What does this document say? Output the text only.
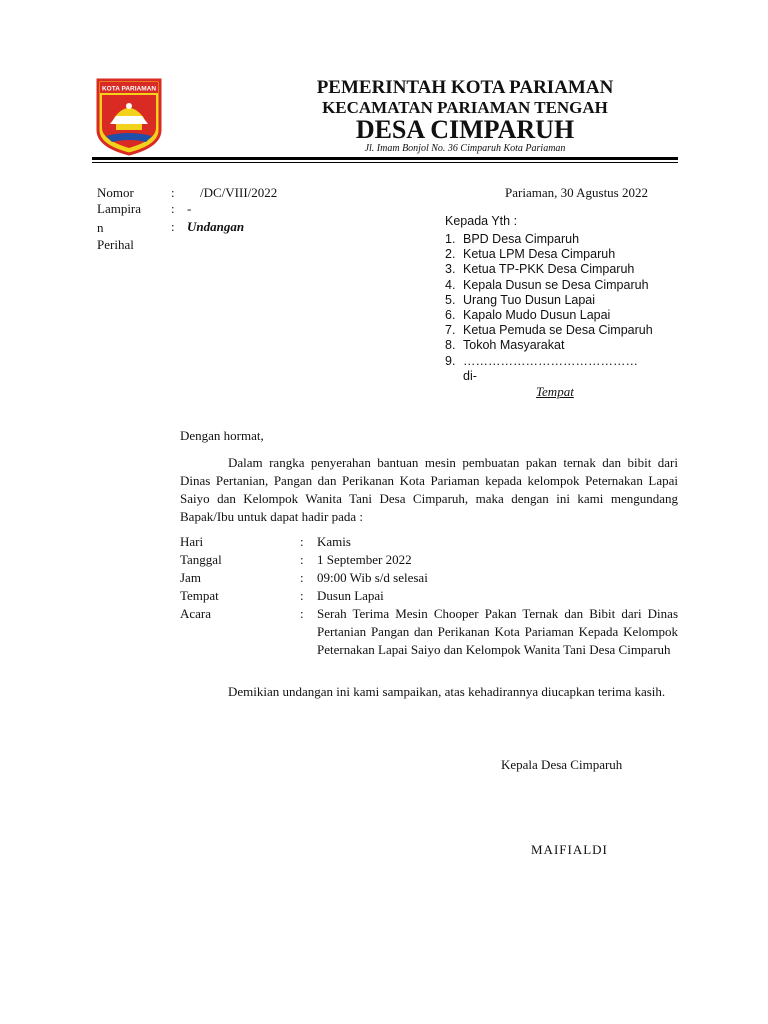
KOTA PARIAMAN	PEMERINTAH KOTA PARIAMAN
KECAMATAN PARIAMAN TENGAH
DESA CIMPARUH
Jl. Imam Bonjol No. 36 Cimparuh Kota Pariaman
Nomor	: /DC/VIII/2022
Lampira : -
n	: Undangan
Perihal
Pariaman, 30 Agustus 2022
Kepada Yth :
1. BPD Desa Cimparuh
2. Ketua LPM Desa Cimparuh
3. Ketua TP-PKK Desa Cimparuh
4. Kepala Dusun se Desa Cimparuh
5. Urang Tuo Dusun Lapai
6. Kapalo Mudo Dusun Lapai
7. Ketua Pemuda se Desa Cimparuh
8. Tokoh Masyarakat
9. ……………………………………
di-
Tempat
Dengan hormat,
Dalam rangka penyerahan bantuan mesin pembuatan pakan ternak dan bibit dari Dinas Pertanian, Pangan dan Perikanan Kota Pariaman kepada kelompok Peternakan Lapai Saiyo dan Kelompok Wanita Tani Desa Cimparuh, maka dengan ini kami mengundang Bapak/Ibu untuk dapat hadir pada :
Hari	:	Kamis
Tanggal	:	1 September 2022
Jam	:	09:00 Wib s/d selesai
Tempat	:	Dusun Lapai
Acara	:	Serah Terima Mesin Chooper Pakan Ternak dan Bibit dari Dinas Pertanian Pangan dan Perikanan Kota Pariaman Kepada Kelompok Peternakan Lapai Saiyo dan Kelompok Wanita Tani Desa Cimparuh
Demikian undangan ini kami sampaikan, atas kehadirannya diucapkan terima kasih.
Kepala Desa Cimparuh
MAIFIALDI
